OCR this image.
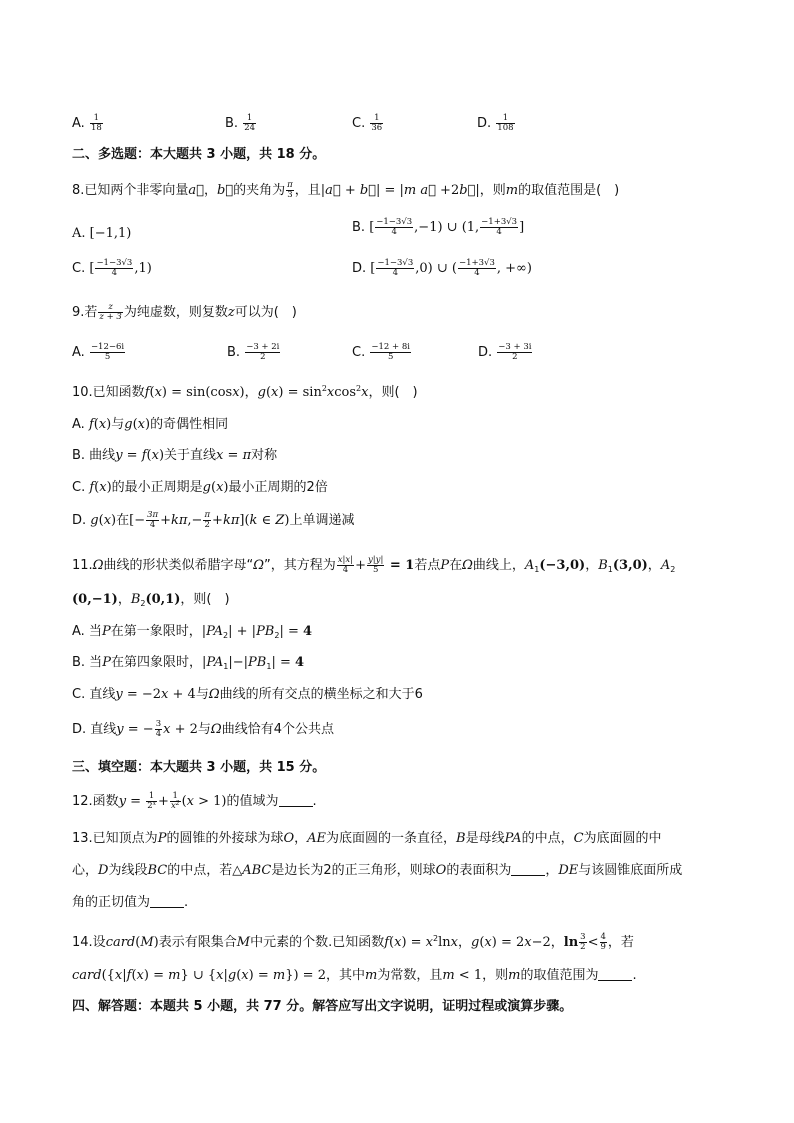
A. $\frac{1}{18}$	B. $\frac{1}{24}$	C. $\frac{1}{36}$	D. $\frac{1}{108}$
二、多选题：本大题共 3 小题，共 18 分。
8.已知两个非零向量a⃗，b⃗的夹角为 $\frac{\pi}{3}$ ，且|a⃗ + b⃗| = |m a⃗ +2b⃗|，则m的取值范围是(　)
A. [−1,1)	B. [ $\frac{-1-3√3}{4} ,-1$) ∪ (1, $\frac{-1+3√3}{4}$ ]
C. [ $\frac{-1-3√3}{4} ,1$)	D. [ $\frac{-1-3√3}{4} ,0$) ∪ ( $\frac{-1+3√3}{4}$ , +∞)
9.若 $\frac{z}{z + 3}$ 为纯虚数，则复数z可以为(　)
A. $\frac{-12-6i}{5}$	B. $\frac{-3 + 2i}{2}$	C. $\frac{-12 + 8i}{5}$	D. $\frac{-3 + 3i}{2}$
10.已知函数f(x) = sin(cosx)，$g(x) = \sin^2xcos^2x$，则(　)
A. f(x)与g(x)的奇偶性相同
B. 曲线y = f(x)关于直线x = π对称
C. f(x)的最小正周期是g(x)最小正周期的2倍
D. g(x)在[− $\frac{3\pi}{4} +k\pi,- \frac{\pi}{2} +k\pi](k$ ∈ Z)上单调递减
11.Ω曲线的形状类似希腊字母“Ω”，其方程为 $\frac{x|x|}{4} + \frac{y|y|}{5} = 1$若点P在Ω曲线上，$A_1(-3,0)$，$B_1(3,0)$，$A_2$
(0,−1)，$B_2(0,1)$，则(　)
A. 当P在第一象限时，$|PA_2| + |PB_2| = 4$
B. 当P在第四象限时，$|PA_1|-|PB_1| = 4$
C. 直线y = −2x + 4与Ω曲线的所有交点的横坐标之和大于6
D. 直线y = − $\frac{3}{4}$ x + 2与Ω曲线恰有4个公共点
三、填空题：本大题共 3 小题，共 15 分。
12.函数$y = \frac{1}{2^x} + \frac{1}{x^2} (x > 1)$的值域为	.
13.已知顶点为P的圆锥的外接球为球O，AE为底面圆的一条直径，B是母线PA的中点，C为底面圆的中
心，D为线段BC的中点，若△ABC是边长为2的正三角形，则球O的表面积为	，DE与该圆锥底面所成
角的正切值为	.
14.设card(M)表示有限集合M中元素的个数.已知函数$f(x) = x^2\ln x$，g(x) = 2x−2，$\ln \frac{3}{2} < \frac{4}{9}$ ，若
card({x|f(x) = m} ∪ {x|g(x) = m}) = 2，其中m为常数，且m < 1，则m的取值范围为	.
四、解答题：本题共 5 小题，共 77 分。解答应写出文字说明，证明过程或演算步骤。
